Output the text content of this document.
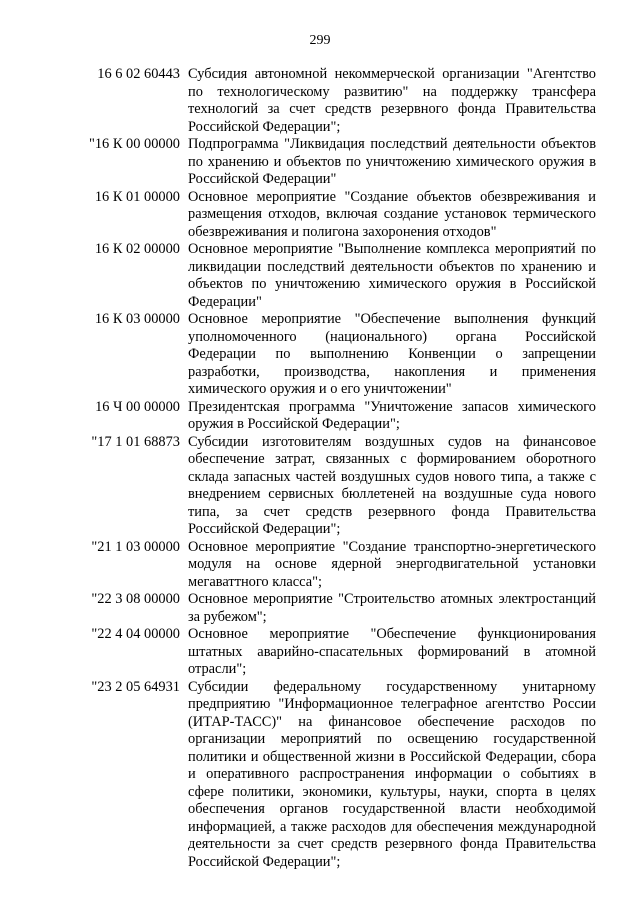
299
16 6 02 60443 Субсидия автономной некоммерческой организации "Агентство
по технологическому развитию" на поддержку трансфера
технологий за счет средств резервного фонда Правительства
Российской Федерации";
"16 К 00 00000 Подпрограмма "Ликвидация последствий деятельности объектов
по хранению и объектов по уничтожению химического оружия в
Российской Федерации"
16 К 01 00000 Основное мероприятие "Создание объектов обезвреживания и
размещения отходов, включая создание установок термического
обезвреживания и полигона захоронения отходов"
16 К 02 00000 Основное мероприятие "Выполнение комплекса мероприятий по
ликвидации последствий деятельности объектов по хранению и
объектов по уничтожению химического оружия в Российской
Федерации"
16 К 03 00000 Основное мероприятие "Обеспечение выполнения функций
уполномоченного (национального) органа Российской
Федерации по выполнению Конвенции о запрещении
разработки, производства, накопления и применения
химического оружия и о его уничтожении"
16 Ч 00 00000 Президентская программа "Уничтожение запасов химического
оружия в Российской Федерации";
"17 1 01 68873 Субсидии изготовителям воздушных судов на финансовое
обеспечение затрат, связанных с формированием оборотного
склада запасных частей воздушных судов нового типа, а также с
внедрением сервисных бюллетеней на воздушные суда нового
типа, за счет средств резервного фонда Правительства
Российской Федерации";
"21 1 03 00000 Основное мероприятие "Создание транспортно-энергетического
модуля на основе ядерной энергодвигательной установки
мегаваттного класса";
"22 3 08 00000 Основное мероприятие "Строительство атомных электростанций
за рубежом";
"22 4 04 00000 Основное мероприятие "Обеспечение функционирования
штатных аварийно-спасательных формирований в атомной
отрасли";
"23 2 05 64931 Субсидии федеральному государственному унитарному
предприятию "Информационное телеграфное агентство России
(ИТАР-ТАСС)" на финансовое обеспечение расходов по
организации мероприятий по освещению государственной
политики и общественной жизни в Российской Федерации, сбора
и оперативного распространения информации о событиях в
сфере политики, экономики, культуры, науки, спорта в целях
обеспечения органов государственной власти необходимой
информацией, а также расходов для обеспечения международной
деятельности за счет средств резервного фонда Правительства
Российской Федерации";
